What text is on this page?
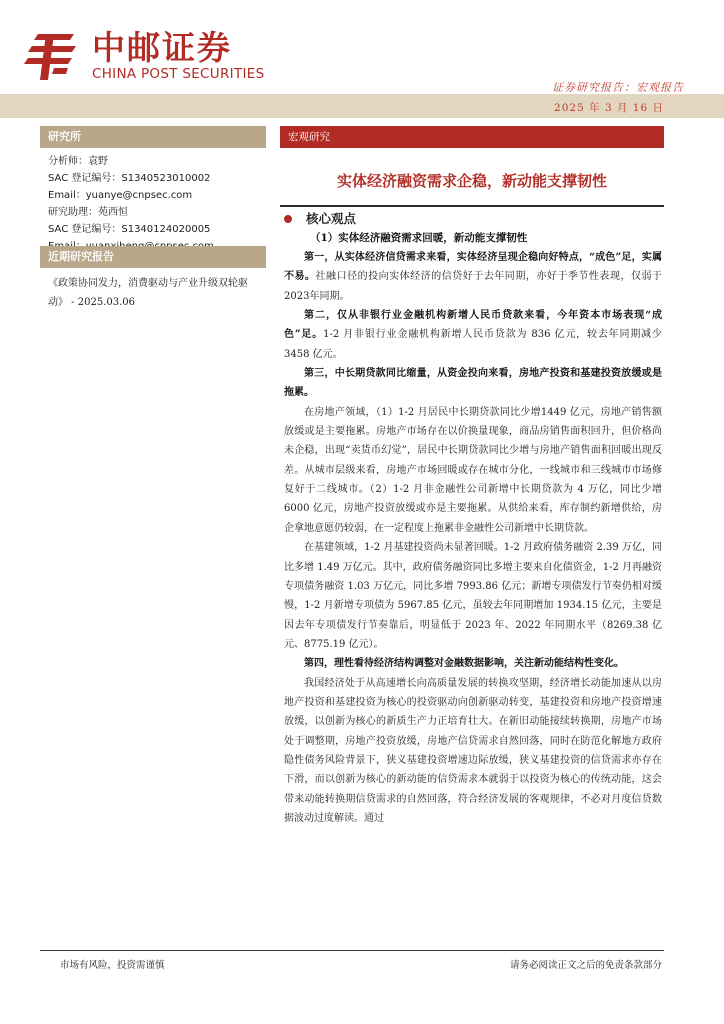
中邮证券
CHINA POST SECURITIES
证券研究报告：宏观报告
2025 年 3 月 16 日
研究所
分析师：袁野
SAC 登记编号：S1340523010002
Email：yuanye@cnpsec.com
研究助理：苑西恒
SAC 登记编号：S1340124020005
近期研究报告
《政策协同发力，消费驱动与产业升级双轮驱动》 - 2025.03.06
宏观研究
实体经济融资需求企稳，新动能支撑韧性
核心观点
（1）实体经济融资需求回暖，新动能支撑韧性

第一，从实体经济信贷需求来看，实体经济呈现企稳向好特点，“成色”足，实属不易。社融口径的投向实体经济的信贷好于去年同期，亦好于季节性表现，仅弱于2023年同期。

第二，仅从非银行业金融机构新增人民币贷款来看，今年资本市场表现“成色”足。1-2 月非银行业金融机构新增人民币贷款为 836 亿元，较去年同期减少 3458 亿元。

第三，中长期贷款同比缩量，从资金投向来看，房地产投资和基建投资放缓或是拖累。

在房地产领域，（1）1-2 月居民中长期贷款同比少增1449 亿元，房地产销售额放缓或是主要拖累。房地产市场存在以价换量现象，商品房销售面积回升，但价格尚未企稳，出现“卖货币幻觉”，居民中长期贷款同比少增与房地产销售面积回暖出现反差。从城市层级来看，房地产市场回暖或存在城市分化，一线城市和三线城市市场修复好于二线城市。（2）1-2 月非金融性公司新增中长期贷款为 4 万亿，同比少增 6000 亿元，房地产投资放缓或亦是主要拖累。从供给来看，库存制约新增供给，房企拿地意愿仍较弱，在一定程度上拖累非金融性公司新增中长期贷款。

在基建领域，1-2 月基建投资尚未显著回暖。1-2 月政府债务融资 2.39 万亿，同比多增 1.49 万亿元。其中，政府债务融资同比多增主要来自化债资金，1-2 月再融资专项债务融资 1.03 万亿元，同比多增 7993.86 亿元；新增专项债发行节奏仍相对缓慢，1-2 月新增专项债为 5967.85 亿元，虽较去年同期增加 1934.15 亿元，主要是因去年专项债发行节奏靠后，明显低于 2023 年、2022 年同期水平（8269.38 亿元、8775.19 亿元）。

第四，理性看待经济结构调整对金融数据影响，关注新动能结构性变化。

我国经济处于从高速增长向高质量发展的转换攻坚期，经济增长动能加速从以房地产投资和基建投资为核心的投资驱动向创新驱动转变，基建投资和房地产投资增速放缓，以创新为核心的新质生产力正培育壮大。在新旧动能接续转换期，房地产市场处于调整期，房地产投资放缓，房地产信贷需求自然回落，同时在防范化解地方政府隐性债务风险背景下，狭义基建投资增速边际放缓，狭义基建投资的信贷需求亦存在下滑，而以创新为核心的新动能的信贷需求本就弱于以投资为核心的传统动能，这会带来动能转换期信贷需求的自然回落，符合经济发展的客观规律，不必对月度信贷数据波动过度解读。通过

市场有风险，投资需谨慎	请务必阅读正文之后的免责条款部分
